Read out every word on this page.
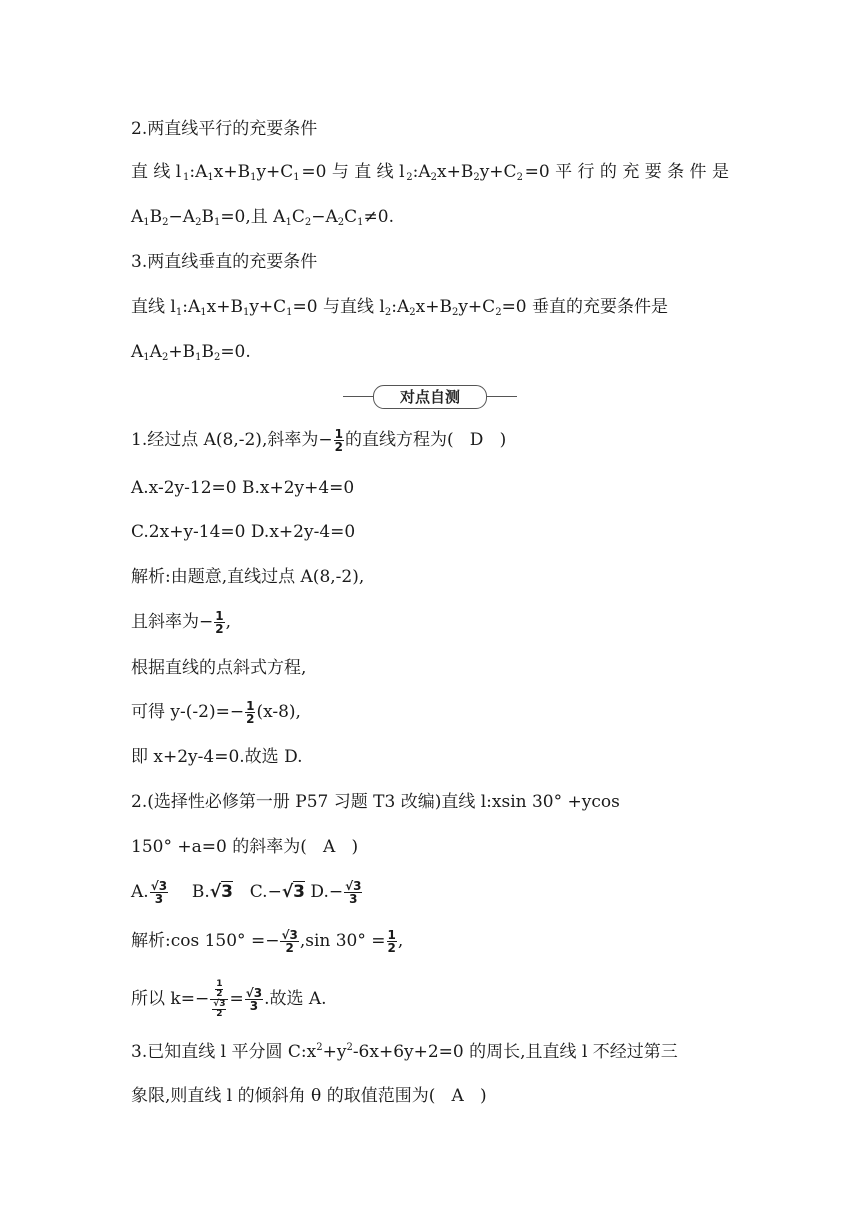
2.两直线平行的充要条件
直 线 l $_1:A_1x+B_1y+C_1 =0$ 与 直 线 l $_2:A_2x+B_2y+C_2 =0$ 平 行 的 充 要 条 件 是
$A_1B_2-A_2B_1=0$,且 $A_1C_2-A_2C_1\ne 0$.
3.两直线垂直的充要条件
直线 $l_1:A_1x+B_1y+C_1=0$ 与直线 $l_2:A_2x+B_2y+C_2=0$ 垂直的充要条件是
$A_1A_2+B_1B_2=0$.
对点自测
1.经过点 A(8,-2),斜率为− $\frac{1}{2}$ 的直线方程为(   D   )
A.x-2y-12=0 B.x+2y+4=0
C.2x+y-14=0 D.x+2y-4=0
解析:由题意,直线过点 A(8,-2),
且斜率为− $\frac{1}{2}$ ,
根据直线的点斜式方程,
可得 $y-(-2)=- \frac{1}{2} (x-8)$,
即 x+2y-4=0.故选 D.
2.(选择性必修第一册 P57 习题 T3 改编)直线 l:xsin 30° +ycos
150° +a=0 的斜率为(   A   )
A. $\frac{√3}{3} B.√3$ C.−√3 $D.- \frac{√3}{3}$
解析:cos $150^\circ =- \frac{√3}{2} ,\sin$ $30^\circ = \frac{1}{2}$ ,
所以 $k=- \frac{\frac{1}{2}}{\frac{√3}{2}} = \frac{√3}{3}$ .故选 A.
3.已知直线 l 平分圆 $C:x^2+y^2-6x+6y+2=0$ 的周长,且直线 l 不经过第三
象限,则直线 l 的倾斜角 θ 的取值范围为(   A   )
